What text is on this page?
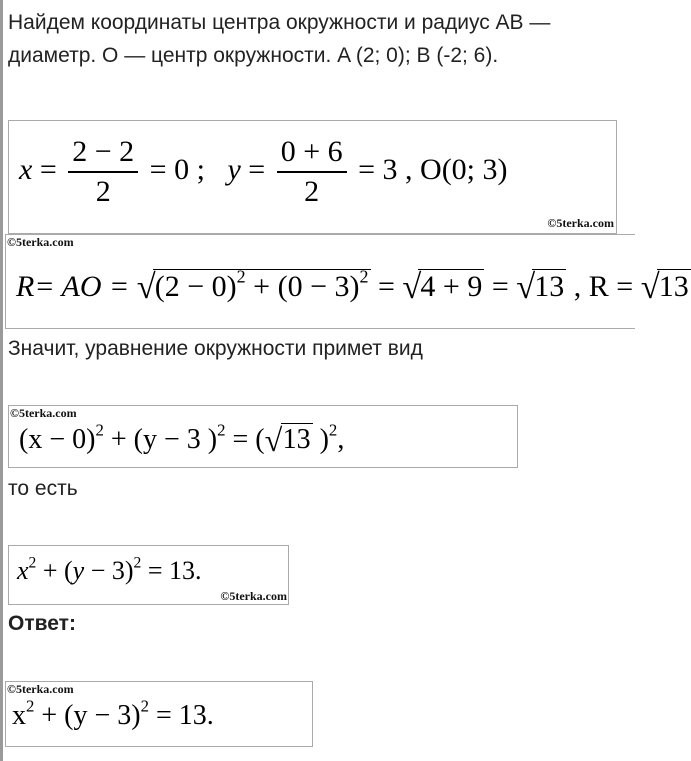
Найдем координаты центра окружности и радиус AB — диаметр. O — центр окружности. A (2; 0); B (-2; 6).
$x = \frac{2 - 2}{2} = 0$ ; $y = \frac{0 + 6}{2} = 3$ , O(0; 3)
©5terka.com
©5terka.com
R= AO = √ $(2 - 0)^2 + (0 - 3)^2$ = √ 4 + 9 = √ 13 , R = √ 13
Значит, уравнение окружности примет вид
©5terka.com
$(x - 0)^2 + (y - 3$ )$^2$ = ( √ 13 )$^2$,
то есть
$x^2 + (y - 3)^2 = 13$.
©5terka.com
Ответ:
©5terka.com
$x^2 + (y - 3)^2 = 13$.
